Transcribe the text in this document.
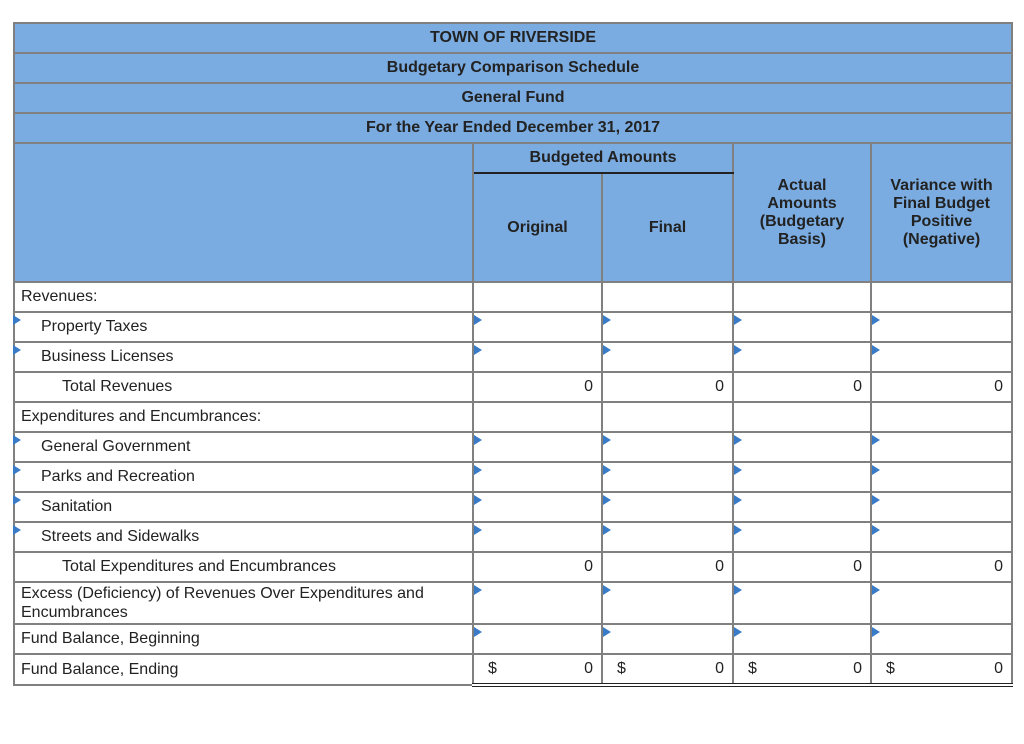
TOWN OF RIVERSIDE				
Budgetary Comparison Schedule				
General Fund				
For the Year Ended December 31, 2017				
	Budgeted Amounts		Actual Amounts (Budgetary Basis)	Variance with Final Budget Positive (Negative)
	Original	Final		
Revenues:				

Property Taxes	

Business Licenses	

Total Revenues	0	0	0	0
Expenditures and Encumbrances:				

General Government	

Parks and Recreation	

Sanitation	

Streets and Sidewalks	

Total Expenditures and Encumbrances	0	0	0	0

Excess (Deficiency) of Revenues Over Expenditures and Encumbrances				

Fund Balance, Beginning	

Fund Balance, Ending	$ 0	$ 0	$ 0	$ 0
